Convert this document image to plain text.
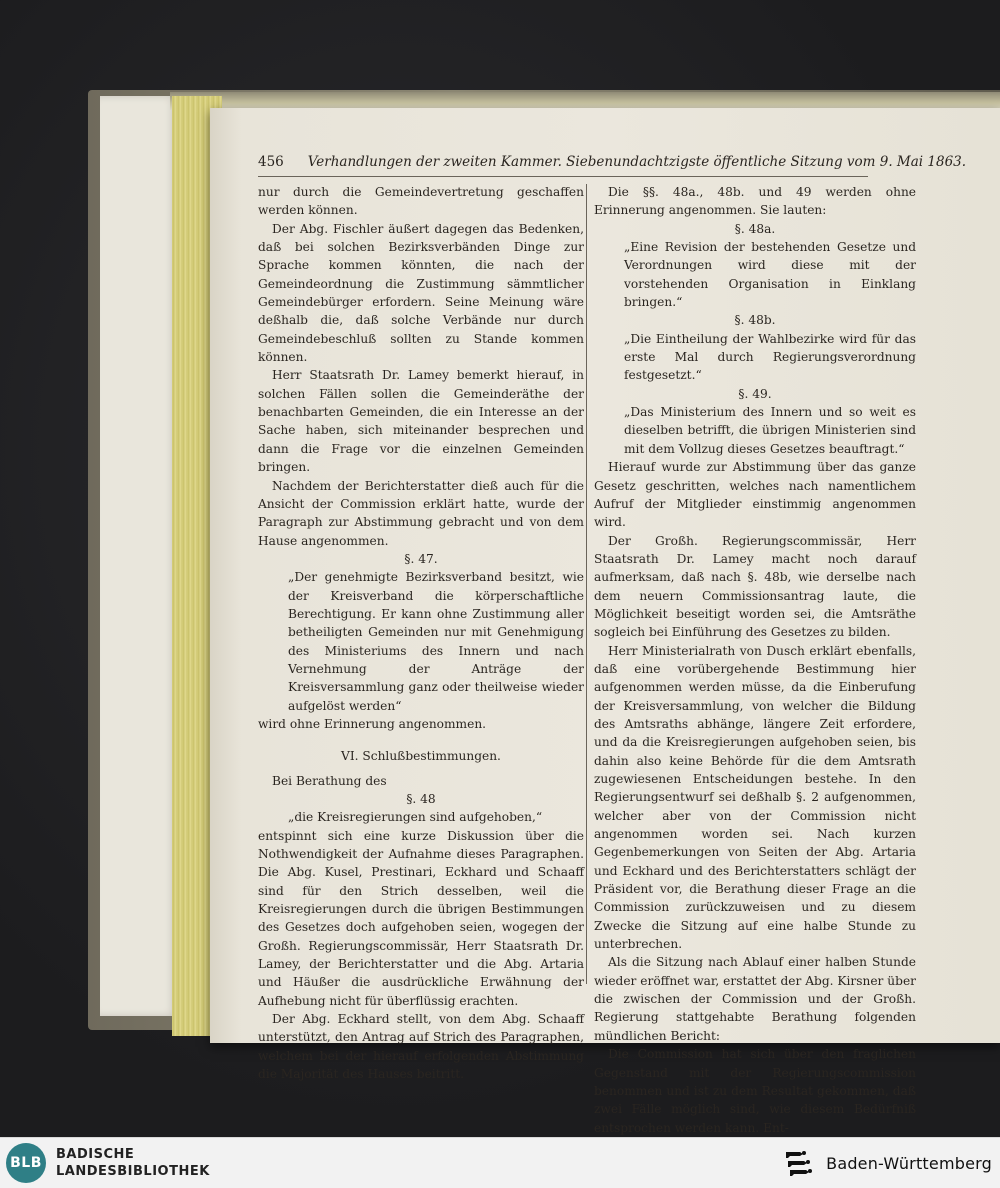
456 Verhandlungen der zweiten Kammer. Siebenundachtzigste öffentliche Sitzung vom 9. Mai 1863.

nur durch die Gemeindevertretung geschaffen werden können.

Der Abg. Fischler äußert dagegen das Bedenken, daß bei solchen Bezirksverbänden Dinge zur Sprache kommen könnten, die nach der Gemeindeordnung die Zustimmung sämmtlicher Gemeindebürger erfordern. Seine Meinung wäre deßhalb die, daß solche Verbände nur durch Gemeindebeschluß sollten zu Stande kommen können.

Herr Staatsrath Dr. Lamey bemerkt hierauf, in solchen Fällen sollen die Gemeinderäthe der benachbarten Gemeinden, die ein Interesse an der Sache haben, sich miteinander besprechen und dann die Frage vor die einzelnen Gemeinden bringen.

Nachdem der Berichterstatter dieß auch für die Ansicht der Commission erklärt hatte, wurde der Paragraph zur Abstimmung gebracht und von dem Hause angenommen.

§. 47.

„Der genehmigte Bezirksverband besitzt, wie der Kreisverband die körperschaftliche Berechtigung. Er kann ohne Zustimmung aller betheiligten Gemeinden nur mit Genehmigung des Ministeriums des Innern und nach Vernehmung der Anträge der Kreisversammlung ganz oder theilweise wieder aufgelöst werden“

wird ohne Erinnerung angenommen.

VI. Schlußbestimmungen.

Bei Berathung des

§. 48

„die Kreisregierungen sind aufgehoben,“

entspinnt sich eine kurze Diskussion über die Nothwendigkeit der Aufnahme dieses Paragraphen. Die Abg. Kusel, Prestinari, Eckhard und Schaaff sind für den Strich desselben, weil die Kreisregierungen durch die übrigen Bestimmungen des Gesetzes doch aufgehoben seien, wogegen der Großh. Regierungscommissär, Herr Staatsrath Dr. Lamey, der Berichterstatter und die Abg. Artaria und Häußer die ausdrückliche Erwähnung der Aufhebung nicht für überflüssig erachten.

Der Abg. Eckhard stellt, von dem Abg. Schaaff unterstützt, den Antrag auf Strich des Paragraphen, welchem bei der hierauf erfolgenden Abstimmung die Majorität des Hauses beitritt.

Die §§. 48a., 48b. und 49 werden ohne Erinnerung angenommen. Sie lauten:

§. 48a.

„Eine Revision der bestehenden Gesetze und Verordnungen wird diese mit der vorstehenden Organisation in Einklang bringen.“

§. 48b.

„Die Eintheilung der Wahlbezirke wird für das erste Mal durch Regierungsverordnung festgesetzt.“

§. 49.

„Das Ministerium des Innern und so weit es dieselben betrifft, die übrigen Ministerien sind mit dem Vollzug dieses Gesetzes beauftragt.“

Hierauf wurde zur Abstimmung über das ganze Gesetz geschritten, welches nach namentlichem Aufruf der Mitglieder einstimmig angenommen wird.

Der Großh. Regierungscommissär, Herr Staatsrath Dr. Lamey macht noch darauf aufmerksam, daß nach §. 48b, wie derselbe nach dem neuern Commissionsantrag laute, die Möglichkeit beseitigt worden sei, die Amtsräthe sogleich bei Einführung des Gesetzes zu bilden.

Herr Ministerialrath von Dusch erklärt ebenfalls, daß eine vorübergehende Bestimmung hier aufgenommen werden müsse, da die Einberufung der Kreisversammlung, von welcher die Bildung des Amtsraths abhänge, längere Zeit erfordere, und da die Kreisregierungen aufgehoben seien, bis dahin also keine Behörde für die dem Amtsrath zugewiesenen Entscheidungen bestehe. In den Regierungsentwurf sei deßhalb §. 2 aufgenommen, welcher aber von der Commission nicht angenommen worden sei. Nach kurzen Gegenbemerkungen von Seiten der Abg. Artaria und Eckhard und des Berichterstatters schlägt der Präsident vor, die Berathung dieser Frage an die Commission zurückzuweisen und zu diesem Zwecke die Sitzung auf eine halbe Stunde zu unterbrechen.

Als die Sitzung nach Ablauf einer halben Stunde wieder eröffnet war, erstattet der Abg. Kirsner über die zwischen der Commission und der Großh. Regierung stattgehabte Berathung folgenden mündlichen Bericht:

Die Commission hat sich über den fraglichen Gegenstand mit der Regierungscommission benommen und ist zu dem Resultat gekommen, daß zwei Fälle möglich sind, wie diesem Bedürfniß entsprochen werden kann. Ent-

BLB
BADISCHE
LANDESBIBLIOTHEK	Baden-Württemberg
